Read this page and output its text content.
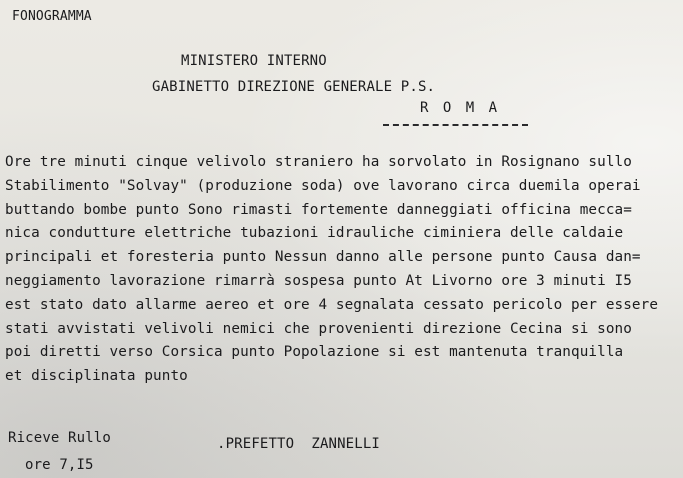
FONOGRAMMA
MINISTERO INTERNO
GABINETTO DIREZIONE GENERALE P.S.
R O M A
Ore tre minuti cinque velivolo straniero ha sorvolato in Rosignano sullo
Stabilimento "Solvay" (produzione soda) ove lavorano circa duemila operai
buttando bombe punto Sono rimasti fortemente danneggiati officina mecca=
nica condutture elettriche tubazioni idrauliche ciminiera delle caldaie
principali et foresteria punto Nessun danno alle persone punto Causa dan=
neggiamento lavorazione rimarrà sospesa punto At Livorno ore 3 minuti I5
est stato dato allarme aereo et ore 4 segnalata cessato pericolo per essere
stati avvistati velivoli nemici che provenienti direzione Cecina si sono
poi diretti verso Corsica punto Popolazione si est mantenuta tranquilla
et disciplinata punto
Riceve Rullo
ore 7,I5
.PREFETTO  ZANNELLI
